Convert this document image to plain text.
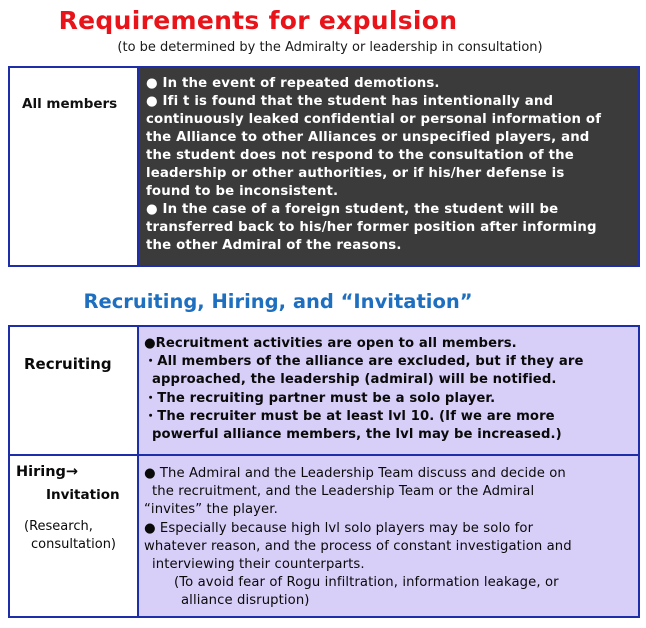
Requirements for expulsion
(to be determined by the Admiralty or leadership in consultation)
All members

● In the event of repeated demotions.

● Ifi t is found that the student has intentionally and

continuously leaked confidential or personal information of

the Alliance to other Alliances or unspecified players, and

the student does not respond to the consultation of the

leadership or other authorities, or if his/her defense is

found to be inconsistent.

● In the case of a foreign student, the student will be

transferred back to his/her former position after informing

the other Admiral of the reasons.

Recruiting, Hiring, and “Invitation”
Recruiting

●Recruitment activities are open to all members.

・All members of the alliance are excluded, but if they are

approached, the leadership (admiral) will be notified.

・The recruiting partner must be a solo player.

・The recruiter must be at least lvl 10. (If we are more

powerful alliance members, the lvl may be increased.)

Hiring→
Invitation
(Research,
consultation)

● The Admiral and the Leadership Team discuss and decide on

the recruitment, and the Leadership Team or the Admiral

“invites” the player.

● Especially because high lvl solo players may be solo for

whatever reason, and the process of constant investigation and

interviewing their counterparts.

(To avoid fear of Rogu infiltration, information leakage, or

alliance disruption)
